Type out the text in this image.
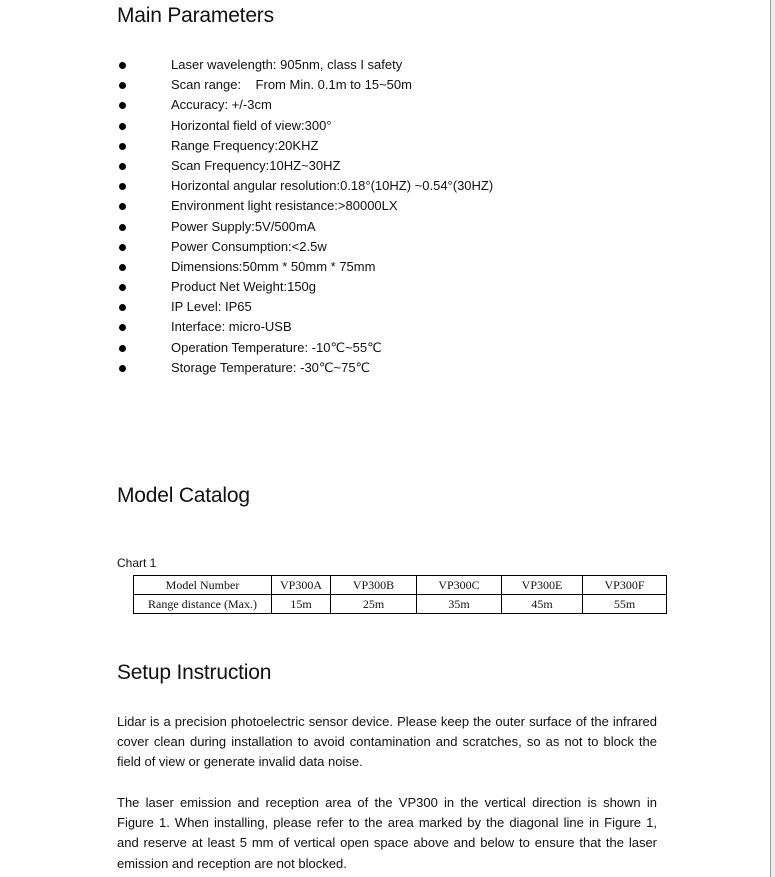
Main Parameters
Laser wavelength: 905nm, class I safety
Scan range:    From Min. 0.1m to 15~50m
Accuracy: +/-3cm
Horizontal field of view:300°
Range Frequency:20KHZ
Scan Frequency:10HZ~30HZ
Horizontal angular resolution:0.18°(10HZ) ~0.54°(30HZ)
Environment light resistance:>80000LX
Power Supply:5V/500mA
Power Consumption:<2.5w
Dimensions:50mm * 50mm * 75mm
Product Net Weight:150g
IP Level: IP65
Interface: micro-USB
Operation Temperature: -10℃~55℃
Storage Temperature: -30℃~75℃
Model Catalog
Chart 1
Model Number	VP300A	VP300B	VP300C	VP300E	VP300F
Range distance (Max.)	15m	25m	35m	45m	55m
Setup Instruction

Lidar is a precision photoelectric sensor device. Please keep the outer surface of the infrared cover clean during installation to avoid contamination and scratches, so as not to block the field of view or generate invalid data noise.

The laser emission and reception area of the VP300 in the vertical direction is shown in Figure 1. When installing, please refer to the area marked by the diagonal line in Figure 1, and reserve at least 5 mm of vertical open space above and below to ensure that the laser emission and reception are not blocked.
